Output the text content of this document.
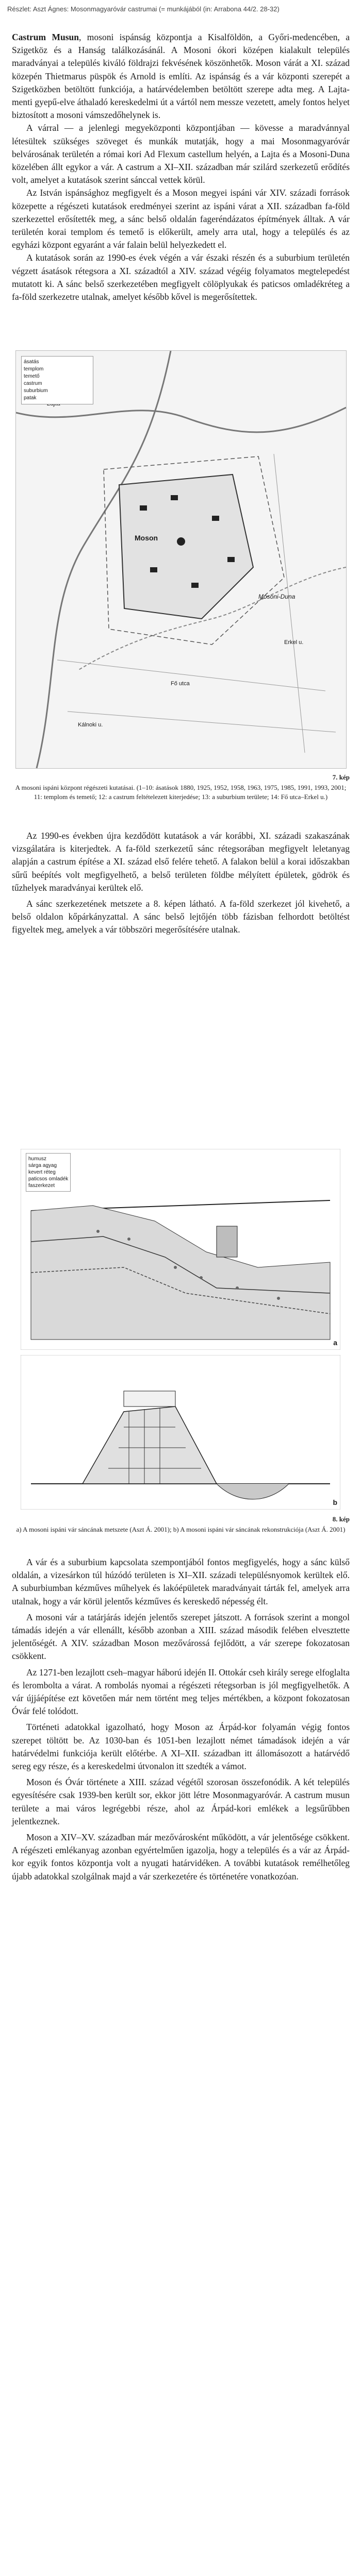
Részlet: Aszt Ágnes: Mosonmagyaróvár castrumai (= munkájából (in: Arrabona 44/2. 28-32)

Castrum Musun, mosoni ispánság központja a Kisalföldön, a Győri-medencében, a Szigetköz és a Hanság találkozásánál. A Mosoni ókori középen kialakult település maradványai a település kiváló földrajzi fekvésének köszönhetők. Moson várát a XI. század közepén Thietmarus püspök és Arnold is említi. Az ispánság és a vár központi szerepét a Szigetközben betöltött funkciója, a határvédelemben betöltött szerepe adta meg. A Lajta-menti gyepű-elve áthaladó kereskedelmi út a vártól nem messze vezetett, amely fontos helyet biztosított a mosoni vámszedőhelynek is.

A várral — a jelenlegi megyeközponti központjában — kövesse a maradvánnyal létesültek szükséges szöveget és munkák mutatják, hogy a mai Mosonmagyaróvár belvárosának területén a római kori Ad Flexum castellum helyén, a Lajta és a Mosoni-Duna közelében állt egykor a vár. A castrum a XI–XII. században már szilárd szerkezetű erődítés volt, amelyet a kutatások szerint sánccal vettek körül.

Az István ispánsághoz megfigyelt és a Moson megyei ispáni vár XIV. századi források közepette a régészeti kutatások eredményei szerint az ispáni várat a XII. században fa-föld szerkezettel erősítették meg, a sánc belső oldalán fageréndázatos építmények álltak. A vár területén korai templom és temető is előkerült, amely arra utal, hogy a település és az egyházi központ egyaránt a vár falain belül helyezkedett el.

A kutatások során az 1990-es évek végén a vár északi részén és a suburbium területén végzett ásatások rétegsora a XI. századtól a XIV. század végéig folyamatos megtelepedést mutatott ki. A sánc belső szerkezetében megfigyelt cölöplyukak és paticsos omladékréteg a fa-föld szerkezetre utalnak, amelyet később kővel is megerősítettek.

Moson
Mosoni-Duna
Fő utca
Erkel u.
Kálnoki u.
ásatás
templom
temető
castrum
suburbium
patak
7. kép
A mosoni ispáni központ régészeti kutatásai. (1–10: ásatások 1880, 1925, 1952, 1958, 1963, 1975, 1985, 1991, 1993, 2001; 11: templom és temető; 12: a castrum feltételezett kiterjedése; 13: a suburbium területe; 14: Fő utca–Erkel u.)

Az 1990-es években újra kezdődött kutatások a vár korábbi, XI. századi szakaszának vizsgálatára is kiterjedtek. A fa-föld szerkezetű sánc rétegsorában megfigyelt leletanyag alapján a castrum építése a XI. század első felére tehető. A falakon belül a korai időszakban sűrű beépítés volt megfigyelhető, a belső területen földbe mélyített épületek, gödrök és tűzhelyek maradványai kerültek elő.

A sánc szerkezetének metszete a 8. képen látható. A fa-föld szerkezet jól kivehető, a belső oldalon kőpárkányzattal. A sánc belső lejtőjén több fázisban felhordott betöltést figyeltek meg, amelyek a vár többszöri megerősítésére utalnak.

humusz
sárga agyag
kevert réteg
paticsos omladék
faszerkezet
a
b
8. kép
a) A mosoni ispáni vár sáncának metszete (Aszt Á. 2001); b) A mosoni ispáni vár sáncának rekonstrukciója (Aszt Á. 2001)

A vár és a suburbium kapcsolata szempontjából fontos megfigyelés, hogy a sánc külső oldalán, a vizesárkon túl húzódó területen is XI–XII. századi településnyomok kerültek elő. A suburbiumban kézműves műhelyek és lakóépületek maradványait tárták fel, amelyek arra utalnak, hogy a vár körül jelentős kézműves és kereskedő népesség élt.

A mosoni vár a tatárjárás idején jelentős szerepet játszott. A források szerint a mongol támadás idején a vár ellenállt, később azonban a XIII. század második felében elvesztette jelentőségét. A XIV. században Moson mezővárossá fejlődött, a vár szerepe fokozatosan csökkent.

Az 1271-ben lezajlott cseh–magyar háború idején II. Ottokár cseh király serege elfoglalta és lerombolta a várat. A rombolás nyomai a régészeti rétegsorban is jól megfigyelhetők. A vár újjáépítése ezt követően már nem történt meg teljes mértékben, a központ fokozatosan Óvár felé tolódott.

Történeti adatokkal igazolható, hogy Moson az Árpád-kor folyamán végig fontos szerepet töltött be. Az 1030-ban és 1051-ben lezajlott német támadások idején a vár határvédelmi funkciója került előtérbe. A XI–XII. században itt állomásozott a határvédő sereg egy része, és a kereskedelmi útvonalon itt szedték a vámot.

Moson és Óvár története a XIII. század végétől szorosan összefonódik. A két település egyesítésére csak 1939-ben került sor, ekkor jött létre Mosonmagyaróvár. A castrum musun területe a mai város legrégebbi része, ahol az Árpád-kori emlékek a legsűrűbben jelentkeznek.

Moson a XIV–XV. században már mezővárosként működött, a vár jelentősége csökkent. A régészeti emlékanyag azonban egyértelműen igazolja, hogy a település és a vár az Árpád-kor egyik fontos központja volt a nyugati határvidéken. A további kutatások remélhetőleg újabb adatokkal szolgálnak majd a vár szerkezetére és történetére vonatkozóan.
